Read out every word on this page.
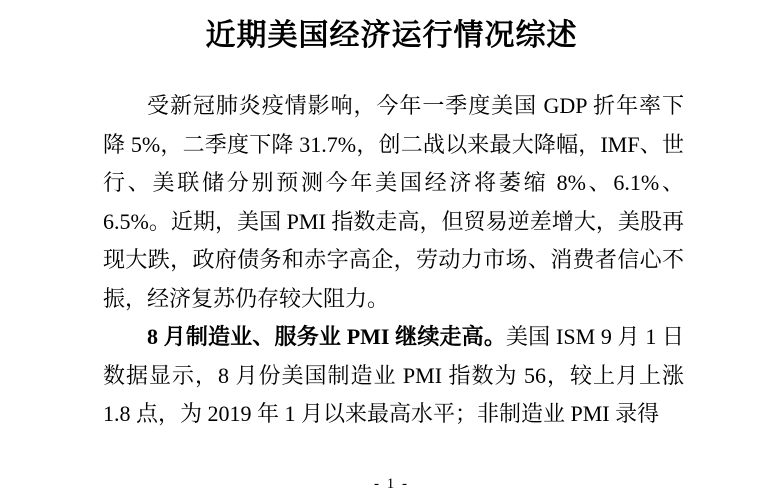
近期美国经济运行情况综述

受新冠肺炎疫情影响，今年一季度美国 GDP 折年率下降 5%，二季度下降 31.7%，创二战以来最大降幅，IMF、世行、美联储分别预测今年美国经济将萎缩 8%、6.1%、6.5%。近期，美国 PMI 指数走高，但贸易逆差增大，美股再现大跌，政府债务和赤字高企，劳动力市场、消费者信心不振，经济复苏仍存较大阻力。

8 月制造业、服务业 PMI 继续走高。美国 ISM 9 月 1 日数据显示，8 月份美国制造业 PMI 指数为 56，较上月上涨 1.8 点，为 2019 年 1 月以来最高水平；非制造业 PMI 录得

- 1 -
